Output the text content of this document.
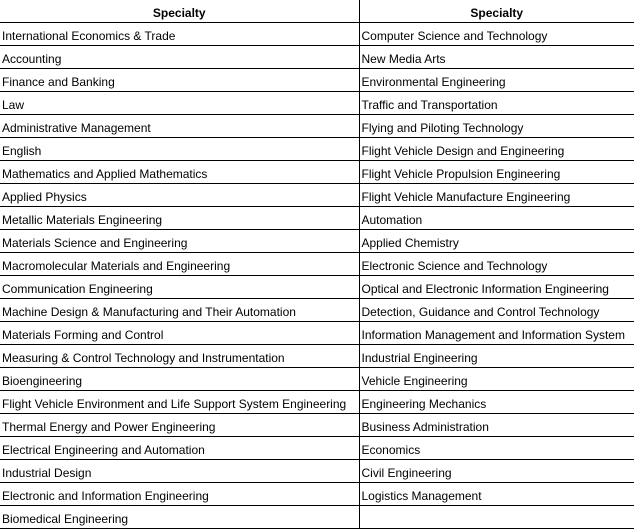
Specialty	Specialty
International Economics & Trade	Computer Science and Technology
Accounting	New Media Arts
Finance and Banking	Environmental Engineering
Law	Traffic and Transportation
Administrative Management	Flying and Piloting Technology
English	Flight Vehicle Design and Engineering
Mathematics and Applied Mathematics	Flight Vehicle Propulsion Engineering
Applied Physics	Flight Vehicle Manufacture Engineering
Metallic Materials Engineering	Automation
Materials Science and Engineering	Applied Chemistry
Macromolecular Materials and Engineering	Electronic Science and Technology
Communication Engineering	Optical and Electronic Information Engineering
Machine Design & Manufacturing and Their Automation	Detection, Guidance and Control Technology
Materials Forming and Control	Information Management and Information System
Measuring & Control Technology and Instrumentation	Industrial Engineering
Bioengineering	Vehicle Engineering
Flight Vehicle Environment and Life Support System Engineering	Engineering Mechanics
Thermal Energy and Power Engineering	Business Administration
Electrical Engineering and Automation	Economics
Industrial Design	Civil Engineering
Electronic and Information Engineering	Logistics Management
Biomedical Engineering	
